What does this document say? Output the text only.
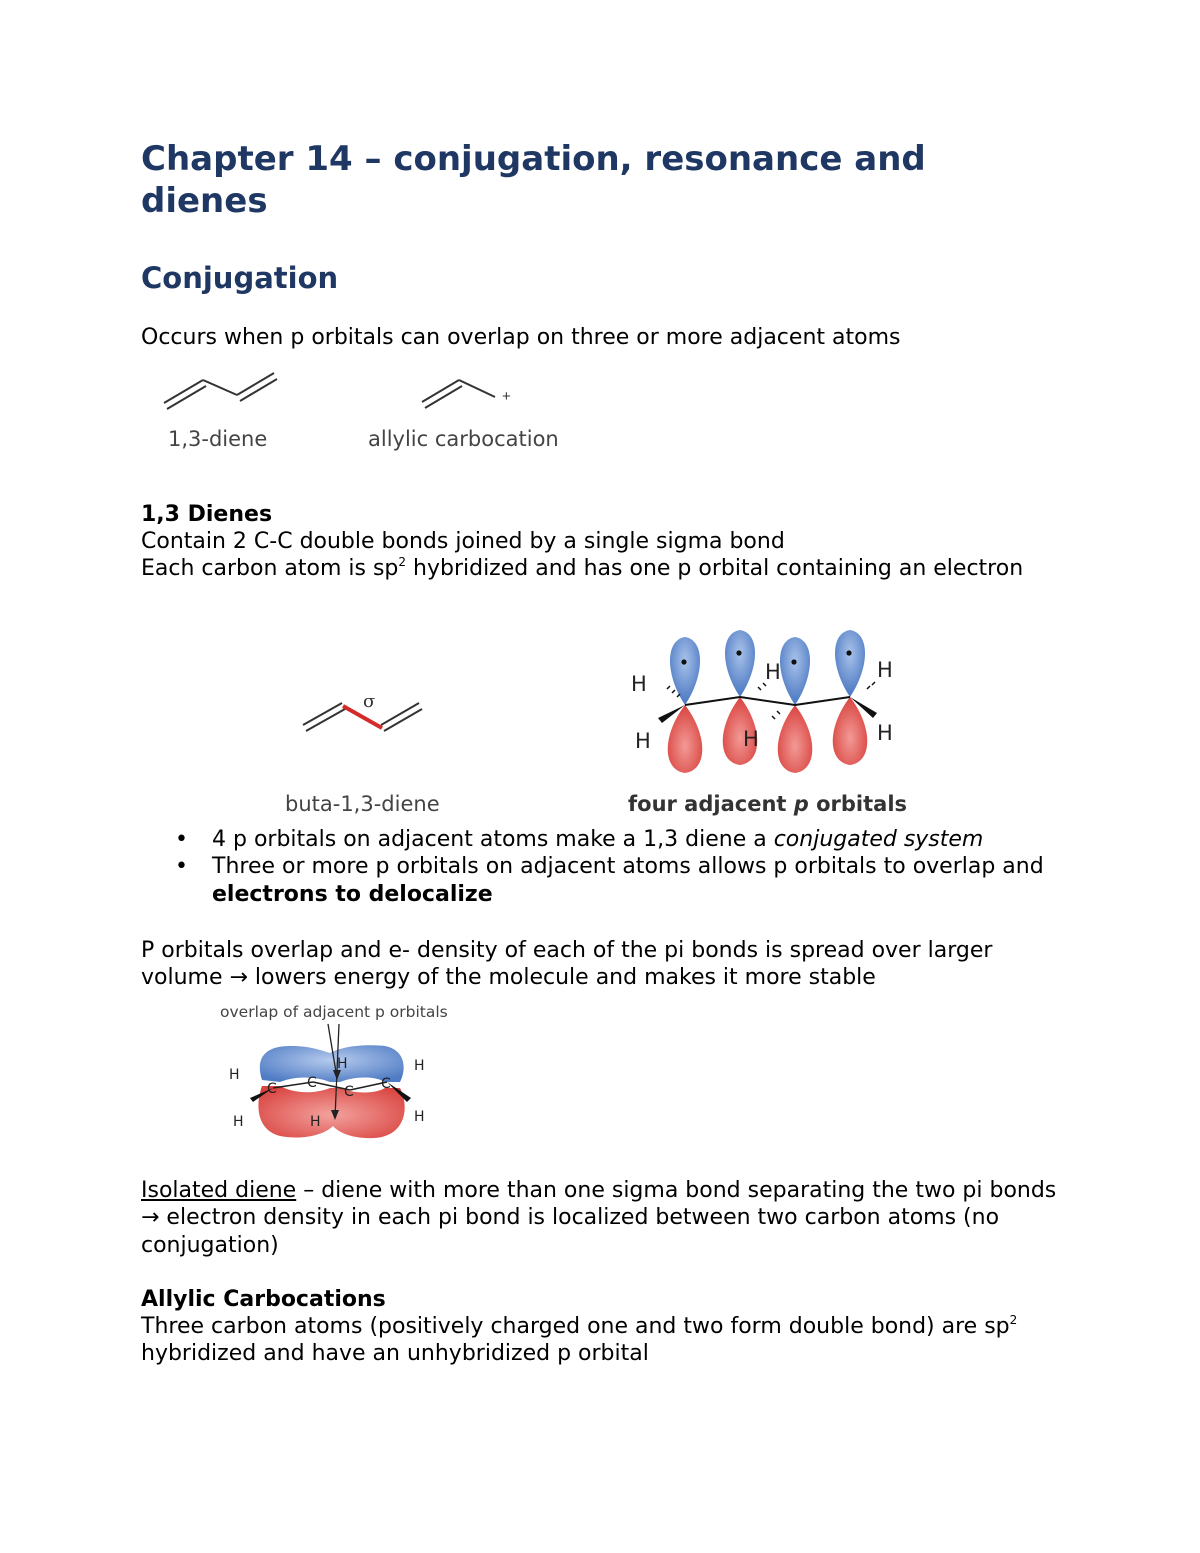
Chapter 14 – conjugation, resonance and dienes
Conjugation

Occurs when p orbitals can overlap on three or more adjacent atoms

+
1,3-diene	allylic carbocation

1,3 Dienes

Contain 2 C-C double bonds joined by a single sigma bond

Each carbon atom is $sp^2$ hybridized and has one p orbital containing an electron

σ
H
H
H
H
H
H
buta-1,3-diene	four adjacent p orbitals
• 4 p orbitals on adjacent atoms make a 1,3 diene a conjugated system
• Three or more p orbitals on adjacent atoms allows p orbitals to overlap and electrons to delocalize

P orbitals overlap and e- density of each of the pi bonds is spread over larger volume → lowers energy of the molecule and makes it more stable

overlap of adjacent p orbitals
C C
C C
H
H
H
H
H
H

Isolated diene – diene with more than one sigma bond separating the two pi bonds → electron density in each pi bond is localized between two carbon atoms (no conjugation)

Allylic Carbocations

Three carbon atoms (positively charged one and two form double bond) are $sp^2$ hybridized and have an unhybridized p orbital
